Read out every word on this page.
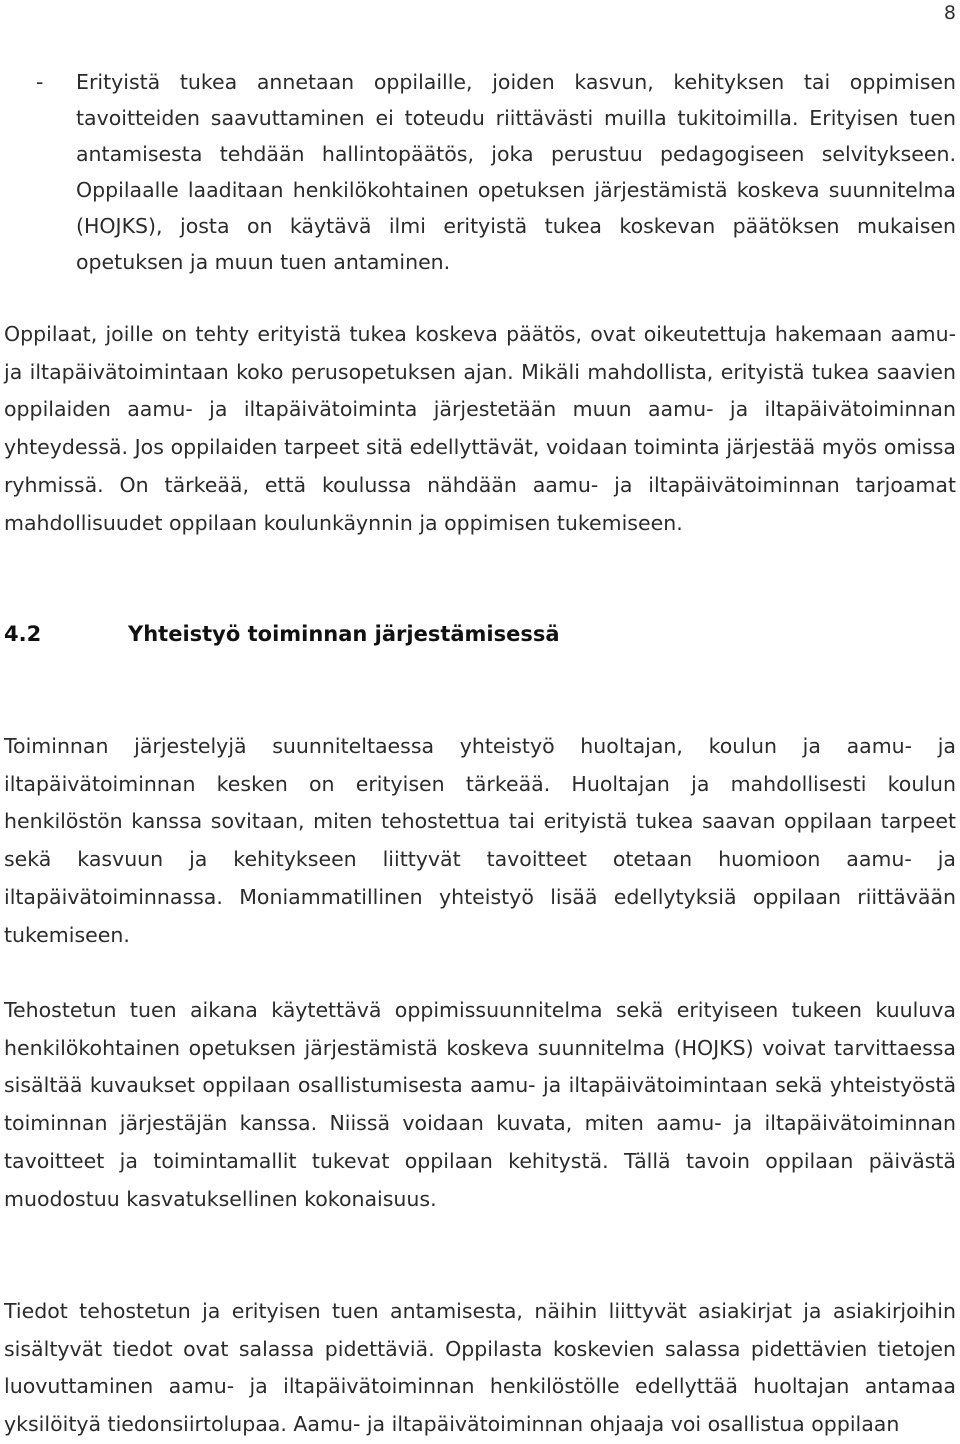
8
-	Erityistä tukea annetaan oppilaille, joiden kasvun, kehityksen tai oppimisen tavoitteiden saavuttaminen ei toteudu riittävästi muilla tukitoimilla. Erityisen tuen antamisesta tehdään hallintopäätös, joka perustuu pedagogiseen selvitykseen. Oppilaalle laaditaan henkilökohtainen opetuksen järjestämistä koskeva suunnitelma (HOJKS), josta on käytävä ilmi erityistä tukea koskevan päätöksen mukaisen opetuksen ja muun tuen antaminen.

Oppilaat, joille on tehty erityistä tukea koskeva päätös, ovat oikeutettuja hakemaan aamu- ja iltapäivätoimintaan koko perusopetuksen ajan. Mikäli mahdollista, erityistä tukea saavien oppilaiden aamu- ja iltapäivätoiminta järjestetään muun aamu- ja iltapäivätoiminnan yhteydessä. Jos oppilaiden tarpeet sitä edellyttävät, voidaan toiminta järjestää myös omissa ryhmissä. On tärkeää, että koulussa nähdään aamu- ja iltapäivätoiminnan tarjoamat mahdollisuudet oppilaan koulunkäynnin ja oppimisen tukemiseen.

4.2	Yhteistyö toiminnan järjestämisessä

Toiminnan järjestelyjä suunniteltaessa yhteistyö huoltajan, koulun ja aamu- ja iltapäivätoiminnan kesken on erityisen tärkeää. Huoltajan ja mahdollisesti koulun henkilöstön kanssa sovitaan, miten tehostettua tai erityistä tukea saavan oppilaan tarpeet sekä kasvuun ja kehitykseen liittyvät tavoitteet otetaan huomioon aamu- ja iltapäivätoiminnassa. Moniammatillinen yhteistyö lisää edellytyksiä oppilaan riittävään tukemiseen.

Tehostetun tuen aikana käytettävä oppimissuunnitelma sekä erityiseen tukeen kuuluva henkilökohtainen opetuksen järjestämistä koskeva suunnitelma (HOJKS) voivat tarvittaessa sisältää kuvaukset oppilaan osallistumisesta aamu- ja iltapäivätoimintaan sekä yhteistyöstä toiminnan järjestäjän kanssa. Niissä voidaan kuvata, miten aamu- ja iltapäivätoiminnan tavoitteet ja toimintamallit tukevat oppilaan kehitystä. Tällä tavoin oppilaan päivästä muodostuu kasvatuksellinen kokonaisuus.

Tiedot tehostetun ja erityisen tuen antamisesta, näihin liittyvät asiakirjat ja asiakirjoihin sisältyvät tiedot ovat salassa pidettäviä. Oppilasta koskevien salassa pidettävien tietojen luovuttaminen aamu- ja iltapäivätoiminnan henkilöstölle edellyttää huoltajan antamaa yksilöityä tiedonsiirtolupaa. Aamu- ja iltapäivätoiminnan ohjaaja voi osallistua oppilaan
